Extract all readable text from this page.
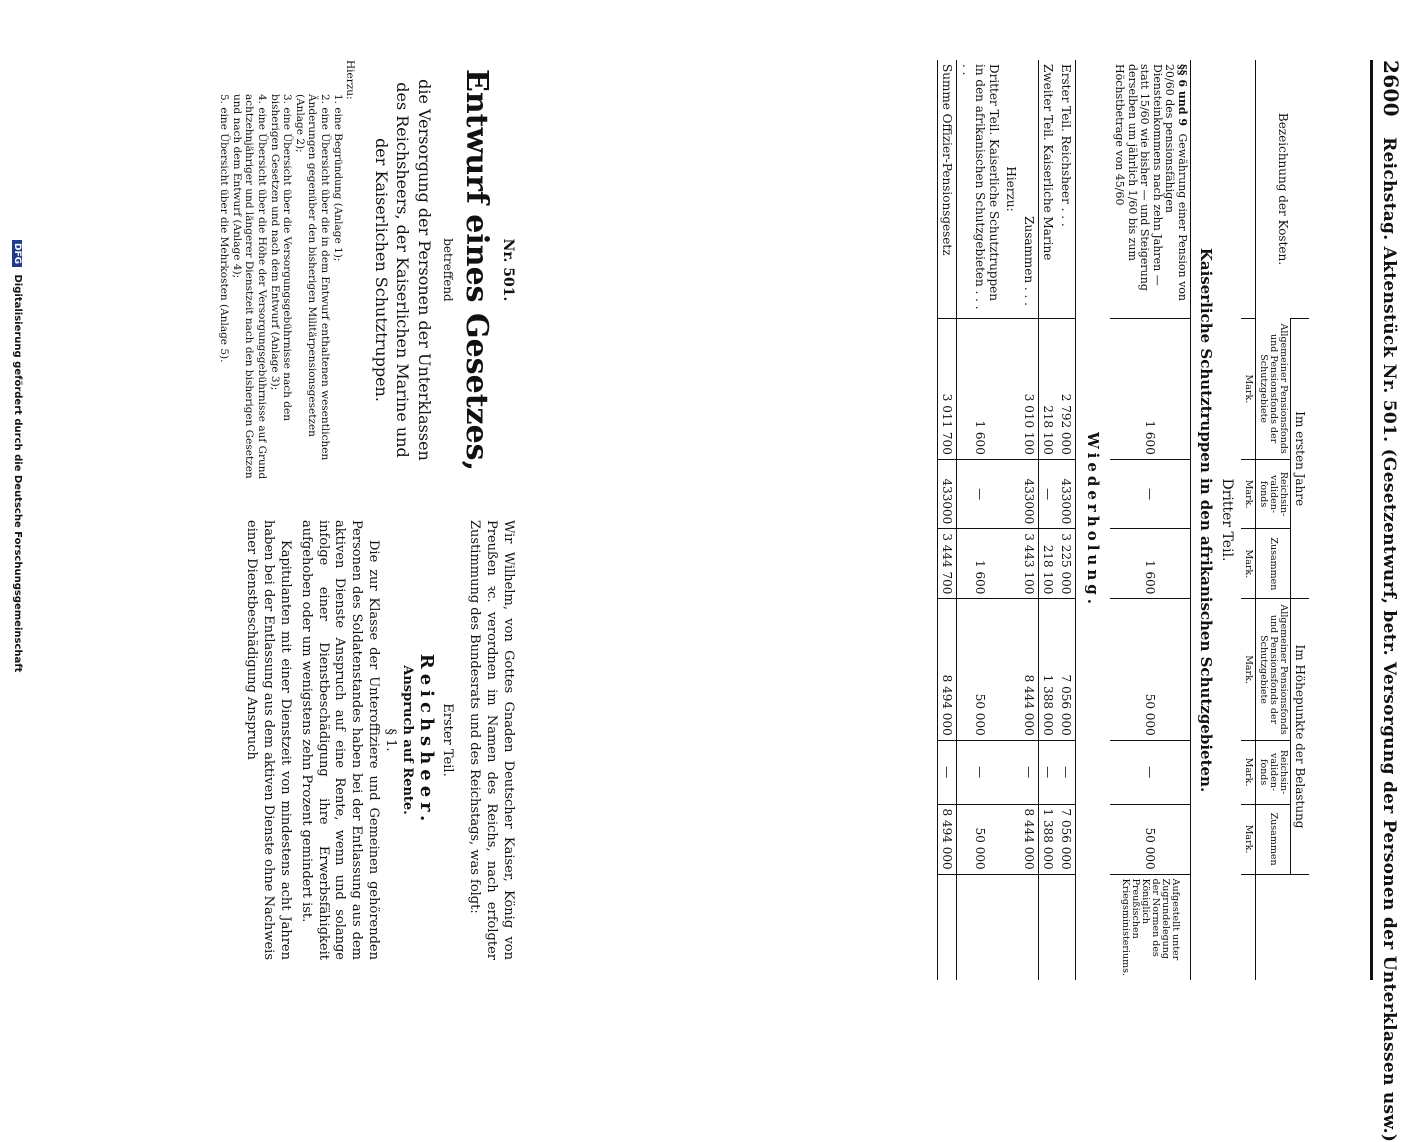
2600 Reichstag. Aktenstück Nr. 501. (Gesetzentwurf, betr. Versorgung der Personen der Unterklassen usw.)
Bezeichnung der Kosten.	Im ersten Jahre			Im Höhepunkte der Belastung			
	Allgemeiner Pensionsfonds und Pensionsfonds der Schutzgebiete	Reichsinvalidenfonds	Zusammen	Allgemeiner Pensionsfonds und Pensionsfonds der Schutzgebiete	Reichsinvalidenfonds	Zusammen	
	Mark.	Mark.	Mark.	Mark.	Mark.	Mark.	
Dritter Teil.							
Kaiserliche Schutztruppen in den afrikanischen Schutzgebieten.							
§§ 6 und 9 Gewährung einer Pension von 20/60 des pensionsfähigen Diensteinkommens nach zehn Jahren — statt 15/60 wie bisher — und Steigerung derselben um jährlich 1/60 bis zum Höchstbetrage von 45/60	1 600	—	1 600	50 000	—	50 000	Aufgestellt unter Zugrundelegung der Normen des Königlich Preußischen Kriegsministeriums.
Wiederholung.							
Erster Teil. Reichsheer . . .	2 792 000	433000	3 225 000	7 056 000	—	7 056 000	
Zweiter Teil. Kaiserliche Marine	218 100	—	218 100	1 388 000	—	1 388 000	
Zusammen . . .	3 010 100	433000	3 443 100	8 444 000	—	8 444 000	
Hierzu:							
Dritter Teil. Kaiserliche Schutztruppen in den afrikanischen Schutzgebieten . . . . .	1 600	—	1 600	50 000	—	50 000	
Summe Offizier-Pensionsgesetz	3 011 700	433000	3 444 700	8 494 000	—	8 494 000	
Nr. 501.
Entwurf eines Gesetzes,
betreffend
die Versorgung der Personen der Unterklassen des Reichsheers, der Kaiserlichen Marine und der Kaiserlichen Schutztruppen.
Hierzu:
1. eine Begründung (Anlage 1);
2. eine Übersicht über die in dem Entwurf enthaltenen wesentlichen Änderungen gegenüber den bisherigen Militärpensionsgesetzen (Anlage 2);
3. eine Übersicht über die Versorgungsgebührnisse nach den bisherigen Gesetzen und nach dem Entwurf (Anlage 3);
4. eine Übersicht über die Höhe der Versorgungsgebührnisse auf Grund achtzehnjähriger und längerer Dienstzeit nach den bisherigen Gesetzen und nach dem Entwurf (Anlage 4);
5. eine Übersicht über die Mehrkosten (Anlage 5).

Wir Wilhelm, von Gottes Gnaden Deutscher Kaiser, König von Preußen ꝛc. verordnen im Namen des Reichs, nach erfolgter Zustimmung des Bundesrats und des Reichstags, was folgt:

Erster Teil.
Reichsheer.
Anspruch auf Rente.
§ 1.

Die zur Klasse der Unteroffiziere und Gemeinen gehörenden Personen des Soldatenstandes haben bei der Entlassung aus dem aktiven Dienste Anspruch auf eine Rente, wenn und solange infolge einer Dienstbeschädigung ihre Erwerbsfähigkeit aufgehoben oder um wenigstens zehn Prozent gemindert ist.

Kapitulanten mit einer Dienstzeit von mindestens acht Jahren haben bei der Entlassung aus dem aktiven Dienste ohne Nachweis einer Dienstbeschädigung Anspruch

DFG Digitalisierung gefördert durch die Deutsche Forschungsgemeinschaft
